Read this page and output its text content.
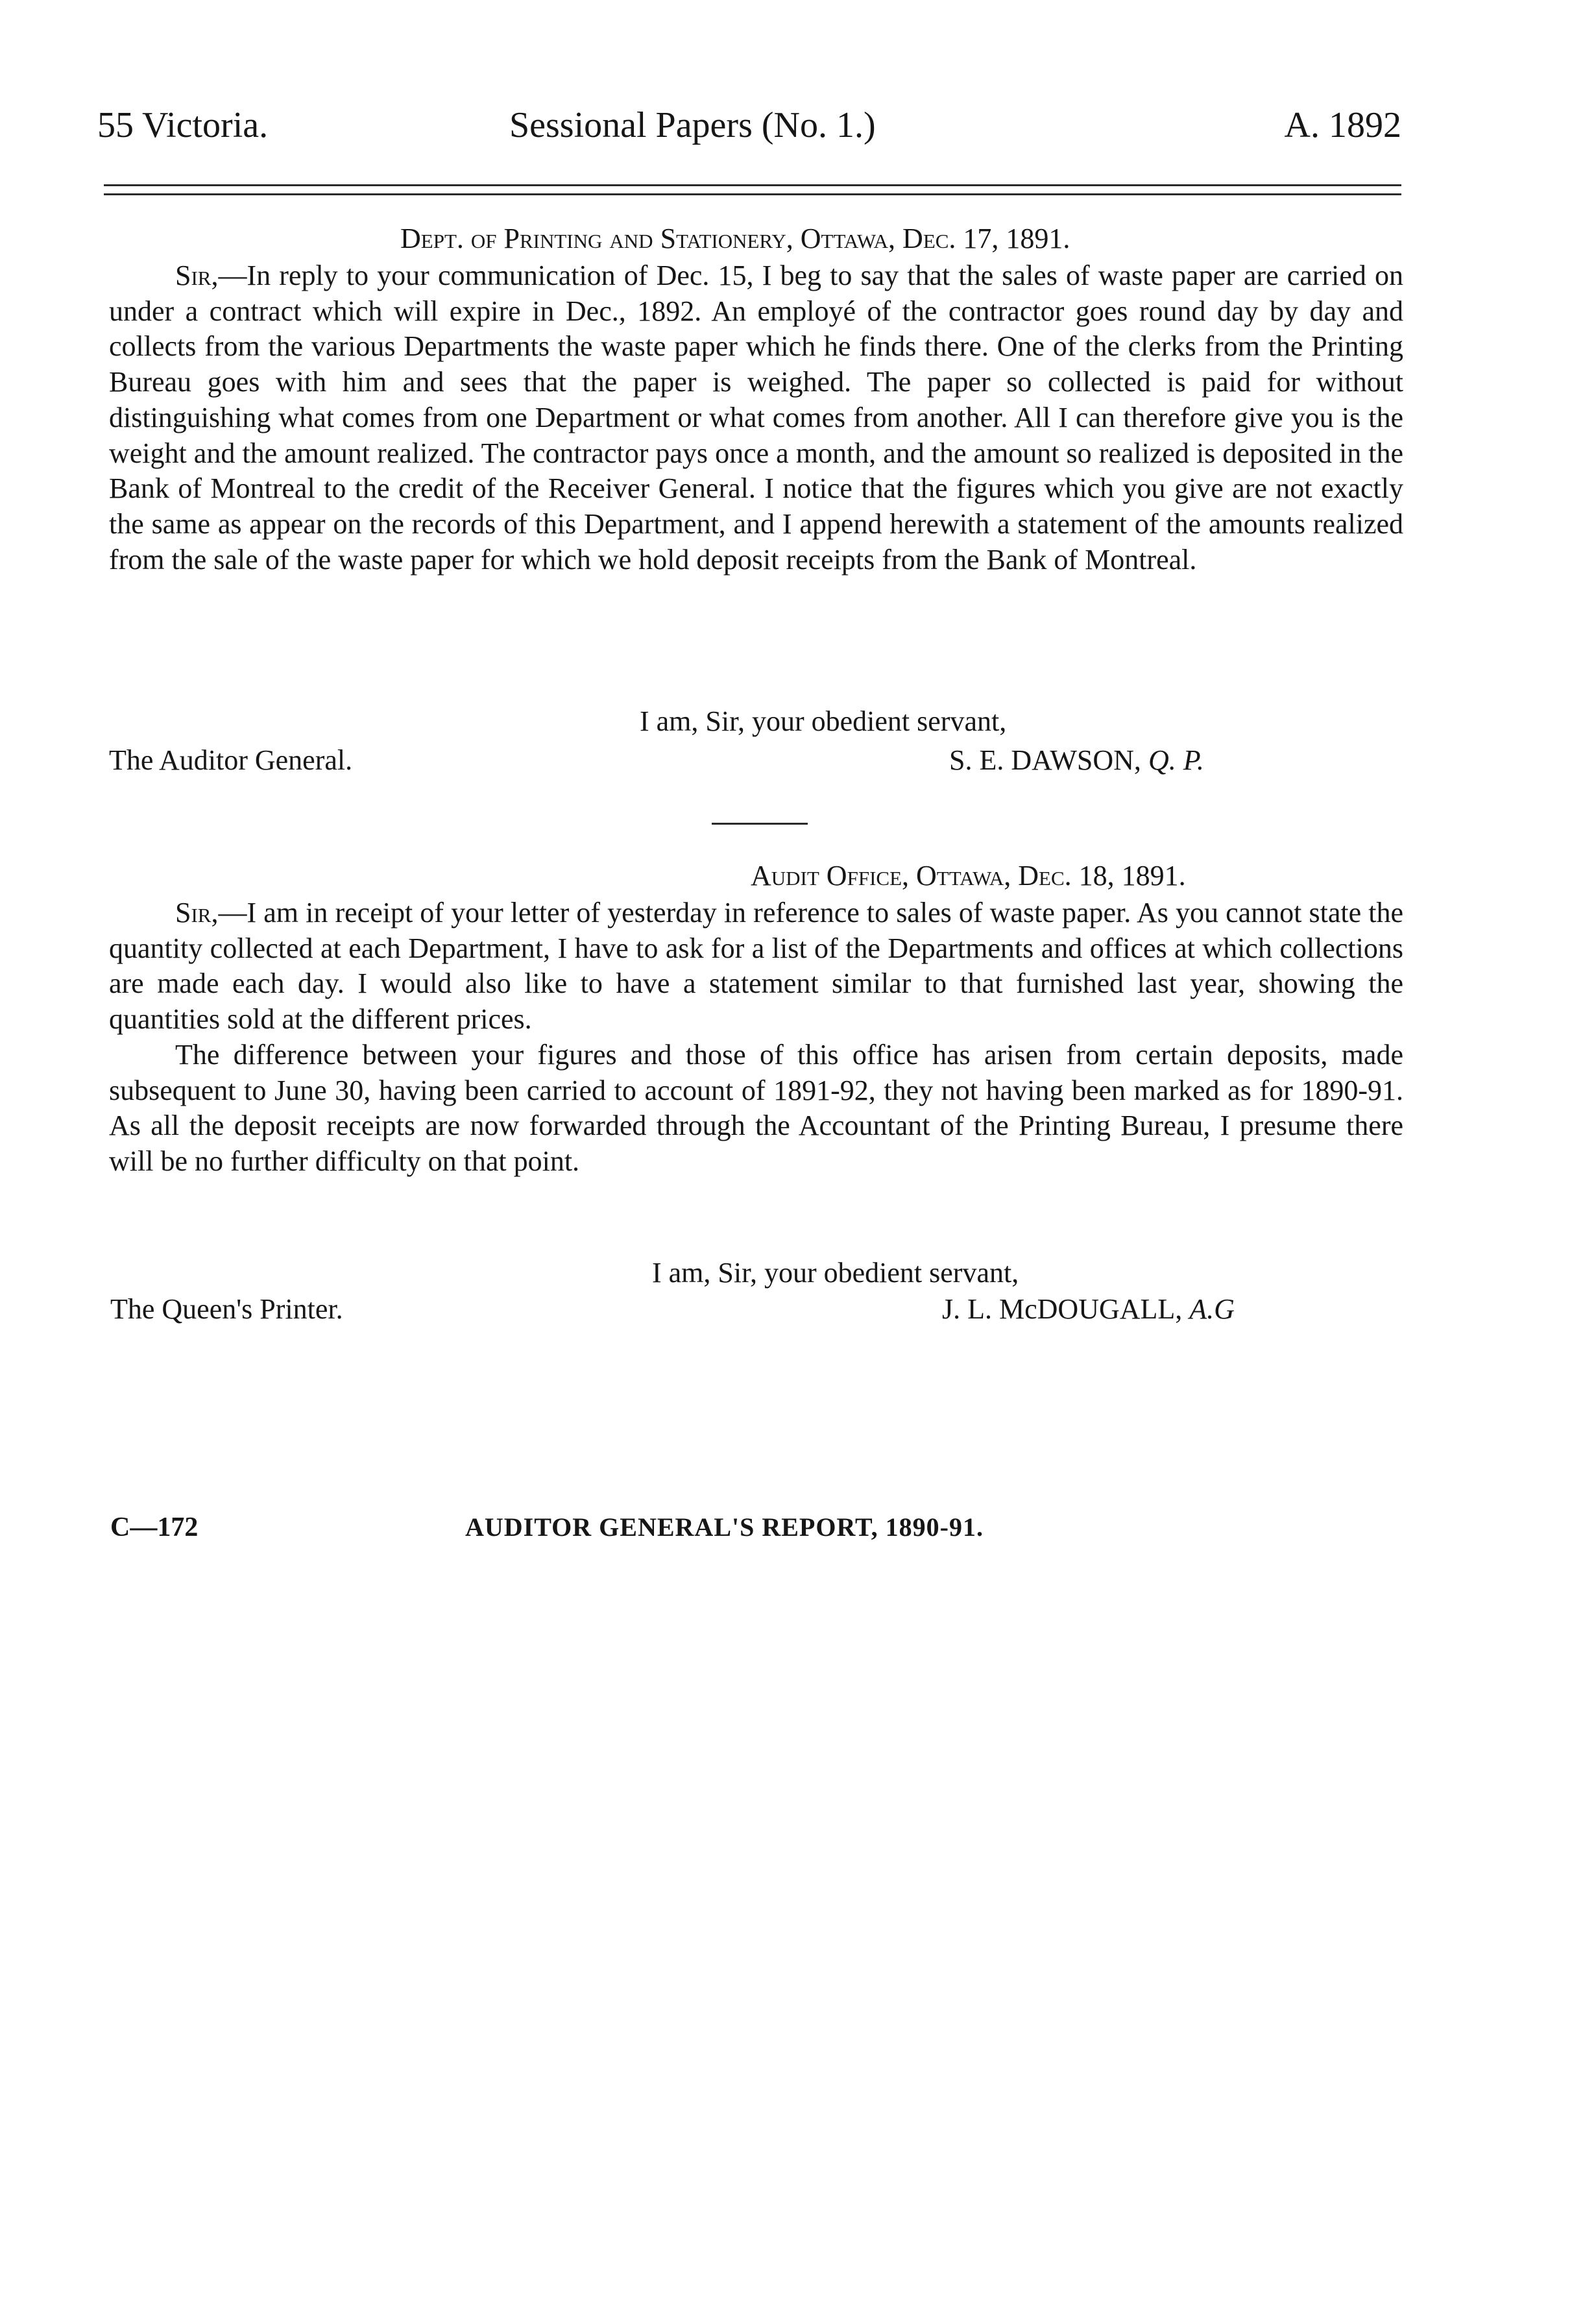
55 Victoria.	Sessional Papers (No. 1.)	A. 1892
Dept. of Printing and Stationery, Ottawa, Dec. 17, 1891.

Sir,—In reply to your communication of Dec. 15, I beg to say that the sales of waste paper are carried on under a contract which will expire in Dec., 1892. An employé of the contractor goes round day by day and collects from the various Departments the waste paper which he finds there. One of the clerks from the Printing Bureau goes with him and sees that the paper is weighed. The paper so collected is paid for without distinguishing what comes from one Department or what comes from another. All I can therefore give you is the weight and the amount realized. The contractor pays once a month, and the amount so realized is deposited in the Bank of Montreal to the credit of the Receiver General. I notice that the figures which you give are not exactly the same as appear on the records of this Department, and I append herewith a statement of the amounts realized from the sale of the waste paper for which we hold deposit receipts from the Bank of Montreal.

I am, Sir, your obedient servant,
The Auditor General.	S. E. DAWSON, Q. P.
Audit Office, Ottawa, Dec. 18, 1891.

Sir,—I am in receipt of your letter of yesterday in reference to sales of waste paper. As you cannot state the quantity collected at each Department, I have to ask for a list of the Departments and offices at which collections are made each day. I would also like to have a statement similar to that furnished last year, showing the quantities sold at the different prices.

The difference between your figures and those of this office has arisen from certain deposits, made subsequent to June 30, having been carried to account of 1891-92, they not having been marked as for 1890-91. As all the deposit receipts are now forwarded through the Accountant of the Printing Bureau, I presume there will be no further difficulty on that point.

I am, Sir, your obedient servant,
The Queen's Printer.	J. L. McDOUGALL, A.G
C—172	AUDITOR GENERAL'S REPORT, 1890-91.
